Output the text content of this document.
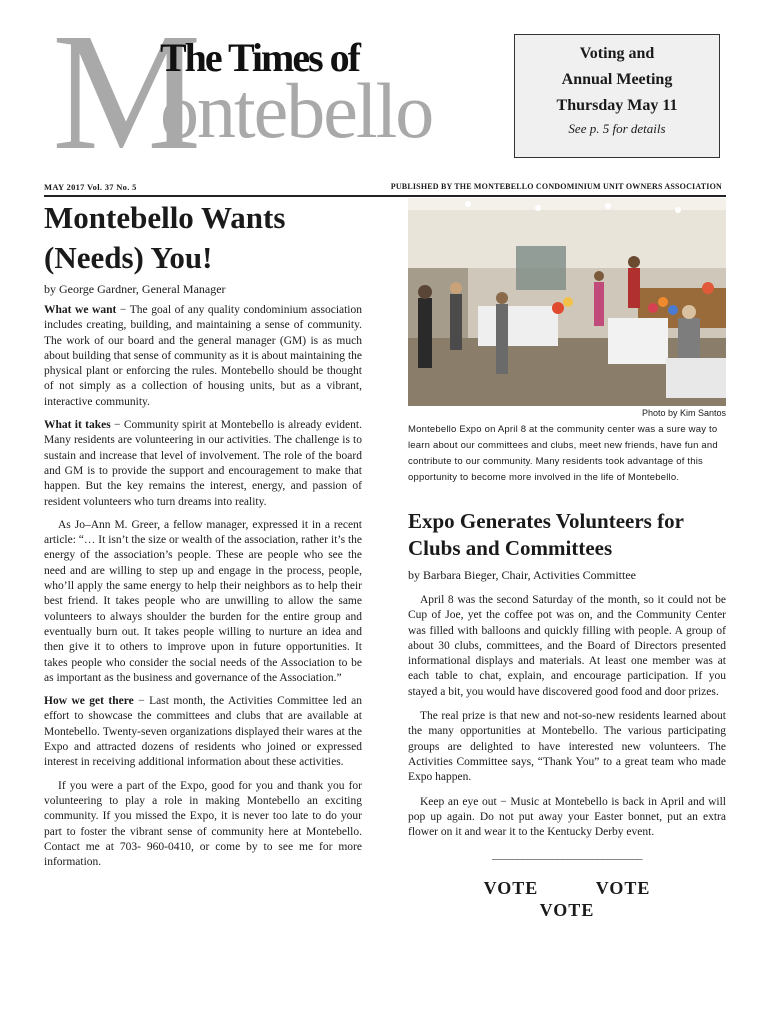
M
The Times of
ontebello
Voting and
Annual Meeting
Thursday May 11
See p. 5 for details
MAY 2017 Vol. 37 No. 5	PUBLISHED BY THE MONTEBELLO CONDOMINIUM UNIT OWNERS ASSOCIATION
Montebello Wants (Needs) You!
by George Gardner, General Manager

What we want − The goal of any quality condominium association includes creating, building, and maintaining a sense of community. The work of our board and the general manager (GM) is as much about building that sense of community as it is about maintaining the physical plant or enforcing the rules. Montebello should be thought of not simply as a collection of housing units, but as a vibrant, interactive community.

What it takes − Community spirit at Montebello is already evident. Many residents are volunteering in our activities. The challenge is to sustain and increase that level of involvement. The role of the board and GM is to provide the support and encouragement to make that happen. But the key remains the interest, energy, and passion of resident volunteers who turn dreams into reality.

As Jo–Ann M. Greer, a fellow manager, expressed it in a recent article: “… It isn’t the size or wealth of the association, rather it’s the energy of the association’s people. These are people who see the need and are willing to step up and engage in the process, people, who’ll apply the same energy to help their neighbors as to help their best friend. It takes people who are unwilling to allow the same volunteers to always shoulder the burden for the entire group and eventually burn out. It takes people willing to nurture an idea and then give it to others to improve upon in future opportunities. It takes people who consider the social needs of the Association to be as important as the business and governance of the Association.”

How we get there − Last month, the Activities Committee led an effort to showcase the committees and clubs that are available at Montebello. Twenty-seven organizations displayed their wares at the Expo and attracted dozens of residents who joined or expressed interest in receiving additional information about these activities.

If you were a part of the Expo, good for you and thank you for volunteering to play a role in making Montebello an exciting community. If you missed the Expo, it is never too late to do your part to foster the vibrant sense of community here at Montebello. Contact me at 703- 960-0410, or come by to see me for more information.

Photo by Kim Santos
Montebello Expo on April 8 at the community center was a sure way to learn about our committees and clubs, meet new friends, have fun and contribute to our community. Many residents took advantage of this opportunity to become more involved in the life of Montebello.
Expo Generates Volunteers for Clubs and Committees
by Barbara Bieger, Chair, Activities Committee

April 8 was the second Saturday of the month, so it could not be Cup of Joe, yet the coffee pot was on, and the Community Center was filled with balloons and quickly filling with people. A group of about 30 clubs, committees, and the Board of Directors presented informational displays and materials. At least one member was at each table to chat, explain, and encourage participation. If you stayed a bit, you would have discovered good food and door prizes.

The real prize is that new and not-so-new residents learned about the many opportunities at Montebello. The various participating groups are delighted to have interested new volunteers. The Activities Committee says, “Thank You” to a great team who made Expo happen.

Keep an eye out − Music at Montebello is back in April and will pop up again. Do not put away your Easter bonnet, put an extra flower on it and wear it to the Kentucky Derby event.

______________________________
VOTE	VOTE
VOTE
